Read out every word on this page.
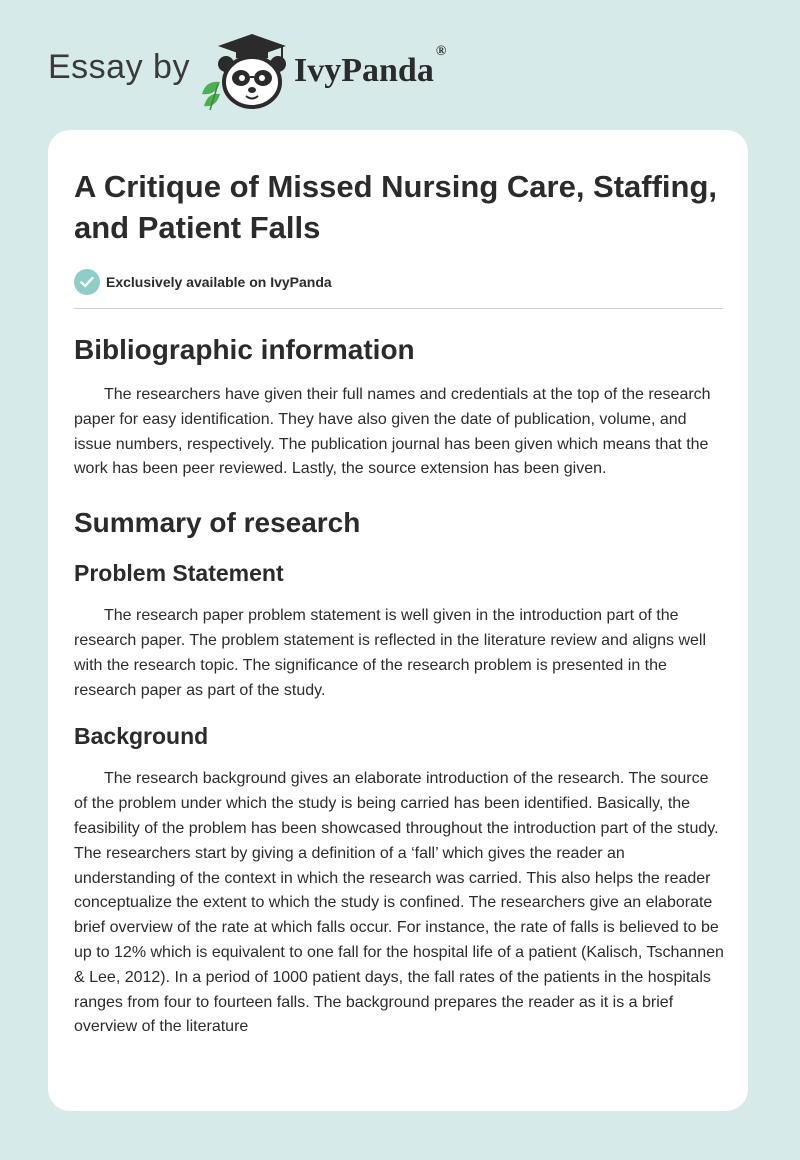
Essay by	IvyPanda®
A Critique of Missed Nursing Care, Staffing, and Patient Falls
Exclusively available on IvyPanda
Bibliographic information

The researchers have given their full names and credentials at the top of the research paper for easy identification. They have also given the date of publication, volume, and issue numbers, respectively. The publication journal has been given which means that the work has been peer reviewed. Lastly, the source extension has been given.

Summary of research
Problem Statement

The research paper problem statement is well given in the introduction part of the research paper. The problem statement is reflected in the literature review and aligns well with the research topic. The significance of the research problem is presented in the research paper as part of the study.

Background

The research background gives an elaborate introduction of the research. The source of the problem under which the study is being carried has been identified. Basically, the feasibility of the problem has been showcased throughout the introduction part of the study. The researchers start by giving a definition of a ‘fall’ which gives the reader an understanding of the context in which the research was carried. This also helps the reader conceptualize the extent to which the study is confined. The researchers give an elaborate brief overview of the rate at which falls occur. For instance, the rate of falls is believed to be up to 12% which is equivalent to one fall for the hospital life of a patient (Kalisch, Tschannen & Lee, 2012). In a period of 1000 patient days, the fall rates of the patients in the hospitals ranges from four to fourteen falls. The background prepares the reader as it is a brief overview of the literature
